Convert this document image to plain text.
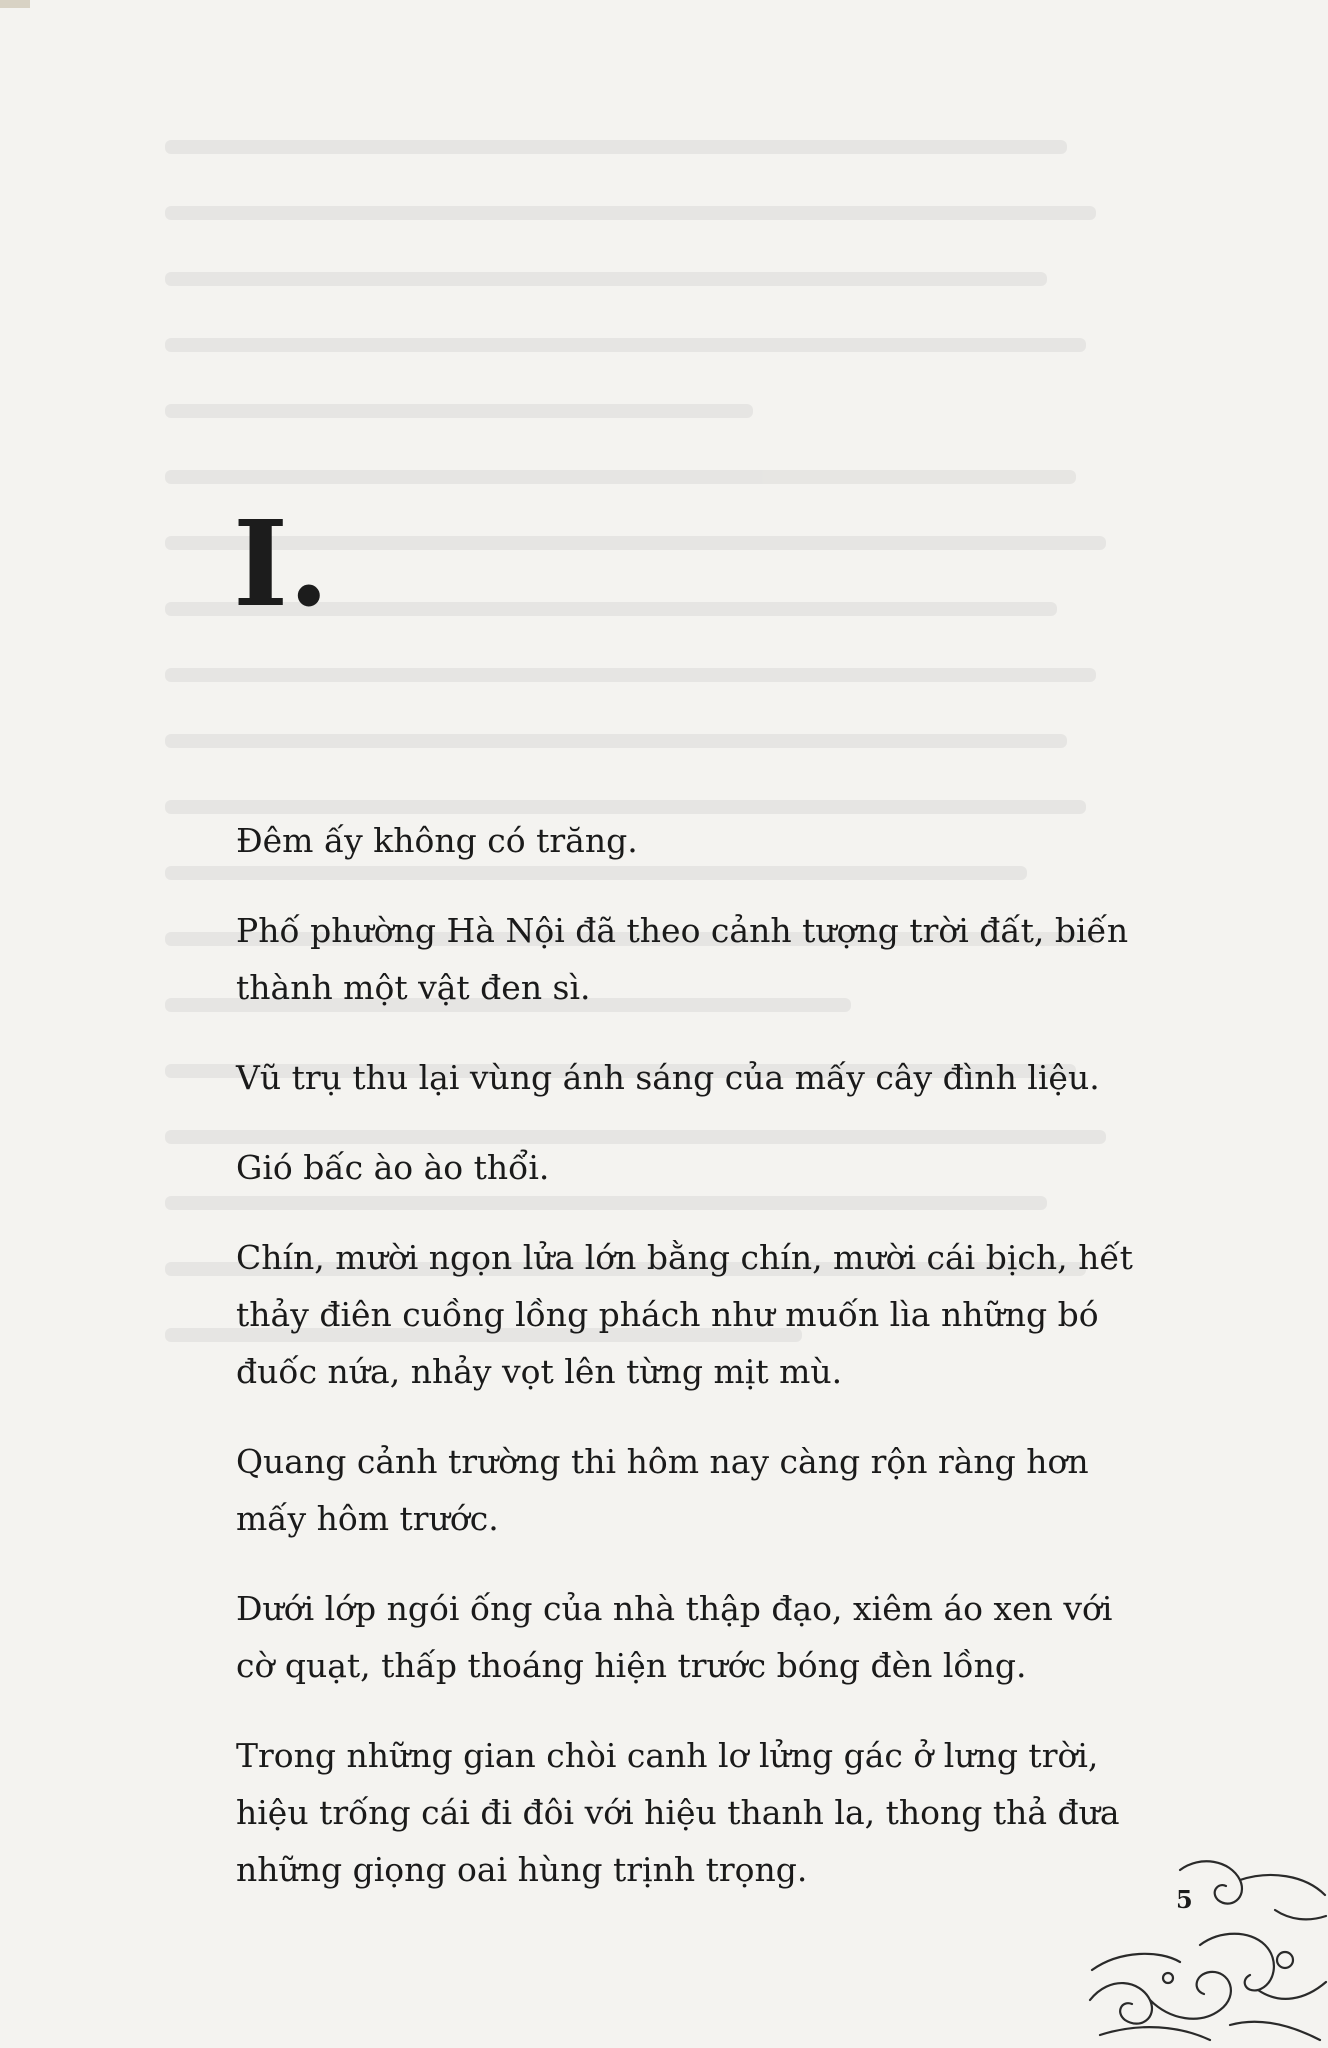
I.

Đêm ấy không có trăng.

Phố phường Hà Nội đã theo cảnh tượng trời đất, biến thành một vật đen sì.

Vũ trụ thu lại vùng ánh sáng của mấy cây đình liệu.

Gió bấc ào ào thổi.

Chín, mười ngọn lửa lớn bằng chín, mười cái bịch, hết thảy điên cuồng lồng phách như muốn lìa những bó đuốc nứa, nhảy vọt lên từng mịt mù.

Quang cảnh trường thi hôm nay càng rộn ràng hơn mấy hôm trước.

Dưới lớp ngói ống của nhà thập đạo, xiêm áo xen với cờ quạt, thấp thoáng hiện trước bóng đèn lồng.

Trong những gian chòi canh lơ lửng gác ở lưng trời, hiệu trống cái đi đôi với hiệu thanh la, thong thả đưa những giọng oai hùng trịnh trọng.

5
